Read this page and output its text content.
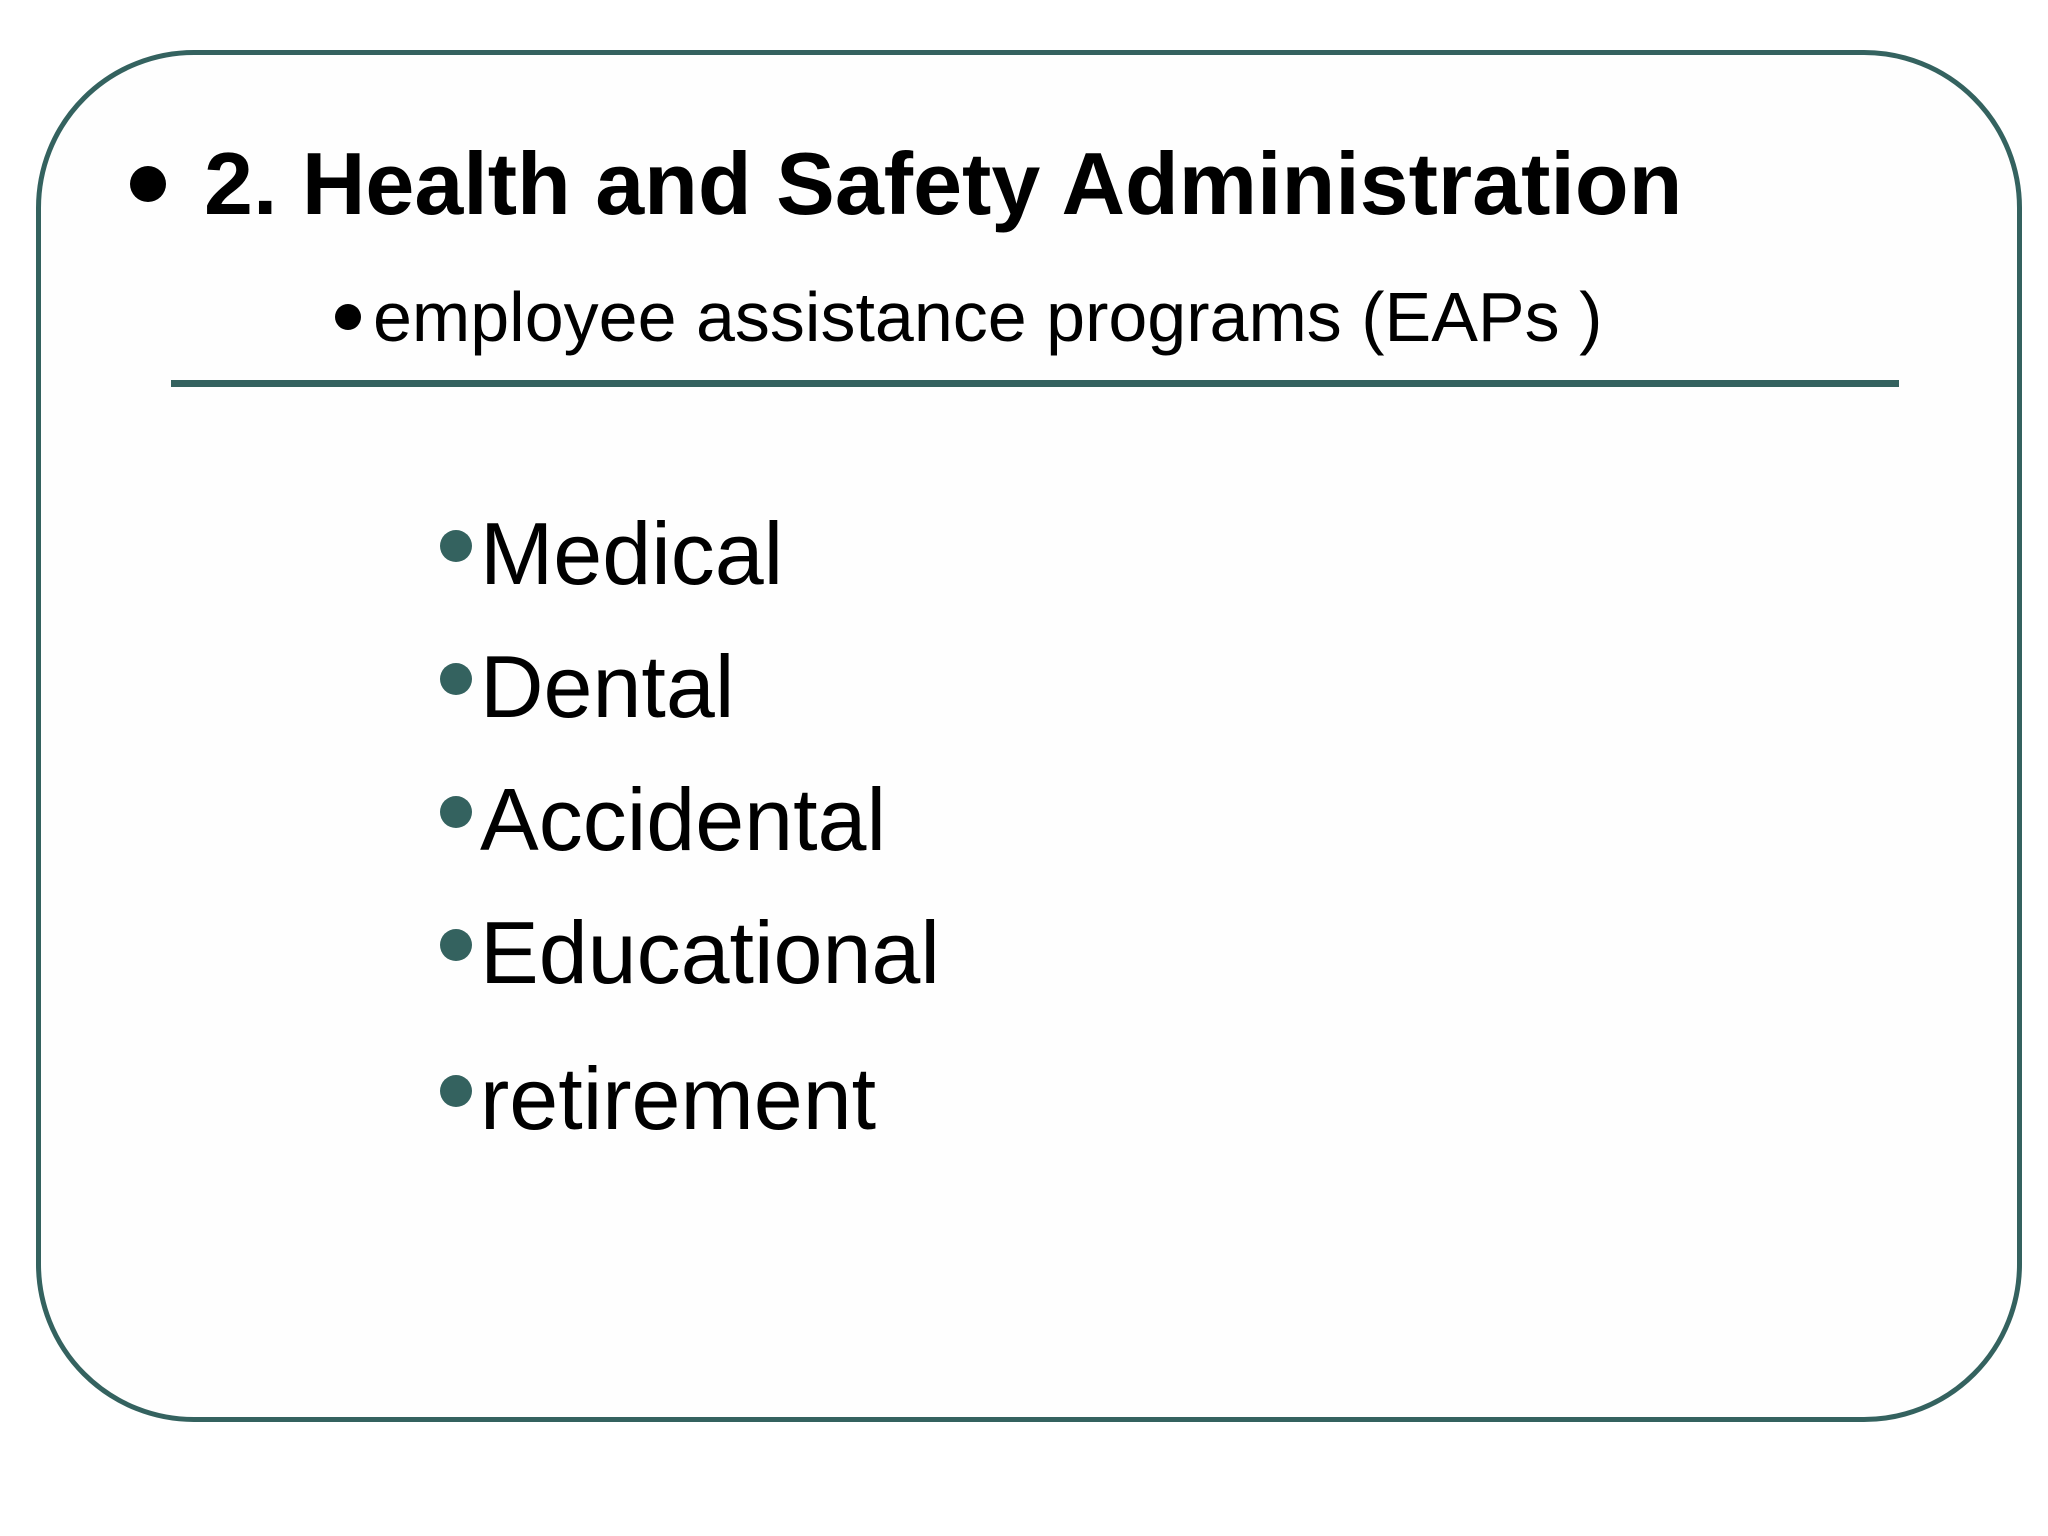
2. Health and Safety Administration
employee assistance programs (EAPs )
Medical
Dental
Accidental
Educational
retirement
